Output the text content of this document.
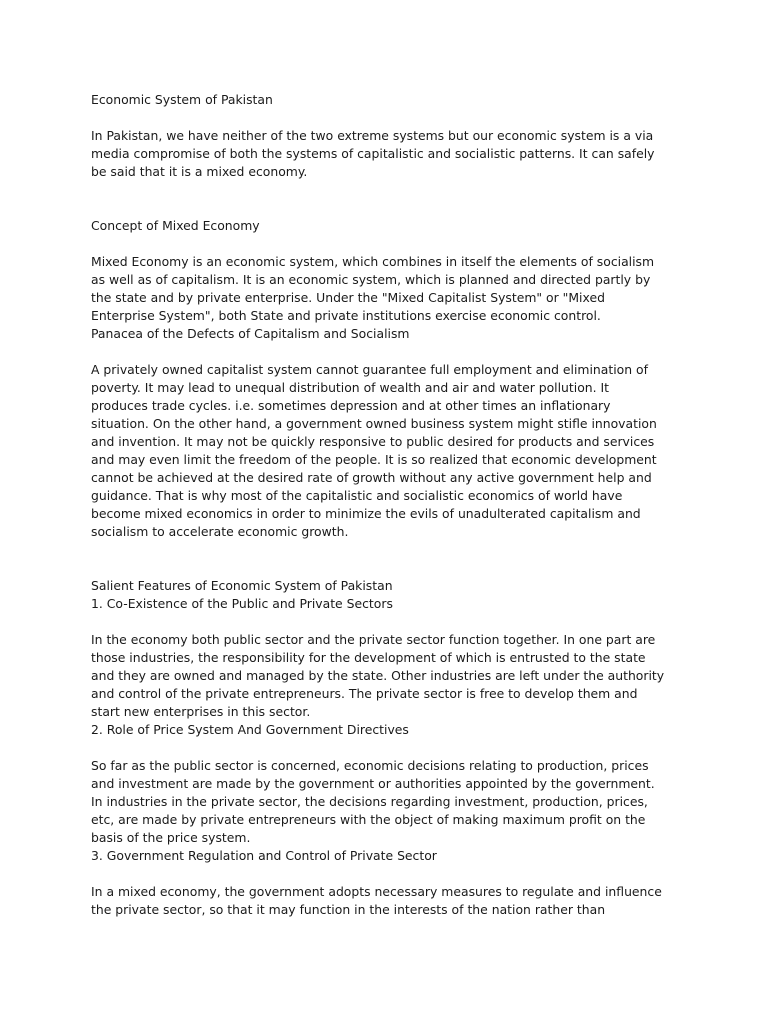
Economic System of Pakistan
In Pakistan, we have neither of the two extreme systems but our economic system is a via
media compromise of both the systems of capitalistic and socialistic patterns. It can safely
be said that it is a mixed economy.
Concept of Mixed Economy
Mixed Economy is an economic system, which combines in itself the elements of socialism
as well as of capitalism. It is an economic system, which is planned and directed partly by
the state and by private enterprise. Under the "Mixed Capitalist System" or "Mixed
Enterprise System", both State and private institutions exercise economic control.
Panacea of the Defects of Capitalism and Socialism
A privately owned capitalist system cannot guarantee full employment and elimination of
poverty. It may lead to unequal distribution of wealth and air and water pollution. It
produces trade cycles. i.e. sometimes depression and at other times an inflationary
situation. On the other hand, a government owned business system might stifle innovation
and invention. It may not be quickly responsive to public desired for products and services
and may even limit the freedom of the people. It is so realized that economic development
cannot be achieved at the desired rate of growth without any active government help and
guidance. That is why most of the capitalistic and socialistic economics of world have
become mixed economics in order to minimize the evils of unadulterated capitalism and
socialism to accelerate economic growth.
Salient Features of Economic System of Pakistan
1. Co-Existence of the Public and Private Sectors
In the economy both public sector and the private sector function together. In one part are
those industries, the responsibility for the development of which is entrusted to the state
and they are owned and managed by the state. Other industries are left under the authority
and control of the private entrepreneurs. The private sector is free to develop them and
start new enterprises in this sector.
2. Role of Price System And Government Directives
So far as the public sector is concerned, economic decisions relating to production, prices
and investment are made by the government or authorities appointed by the government.
In industries in the private sector, the decisions regarding investment, production, prices,
etc, are made by private entrepreneurs with the object of making maximum profit on the
basis of the price system.
3. Government Regulation and Control of Private Sector
In a mixed economy, the government adopts necessary measures to regulate and influence
the private sector, so that it may function in the interests of the nation rather than
